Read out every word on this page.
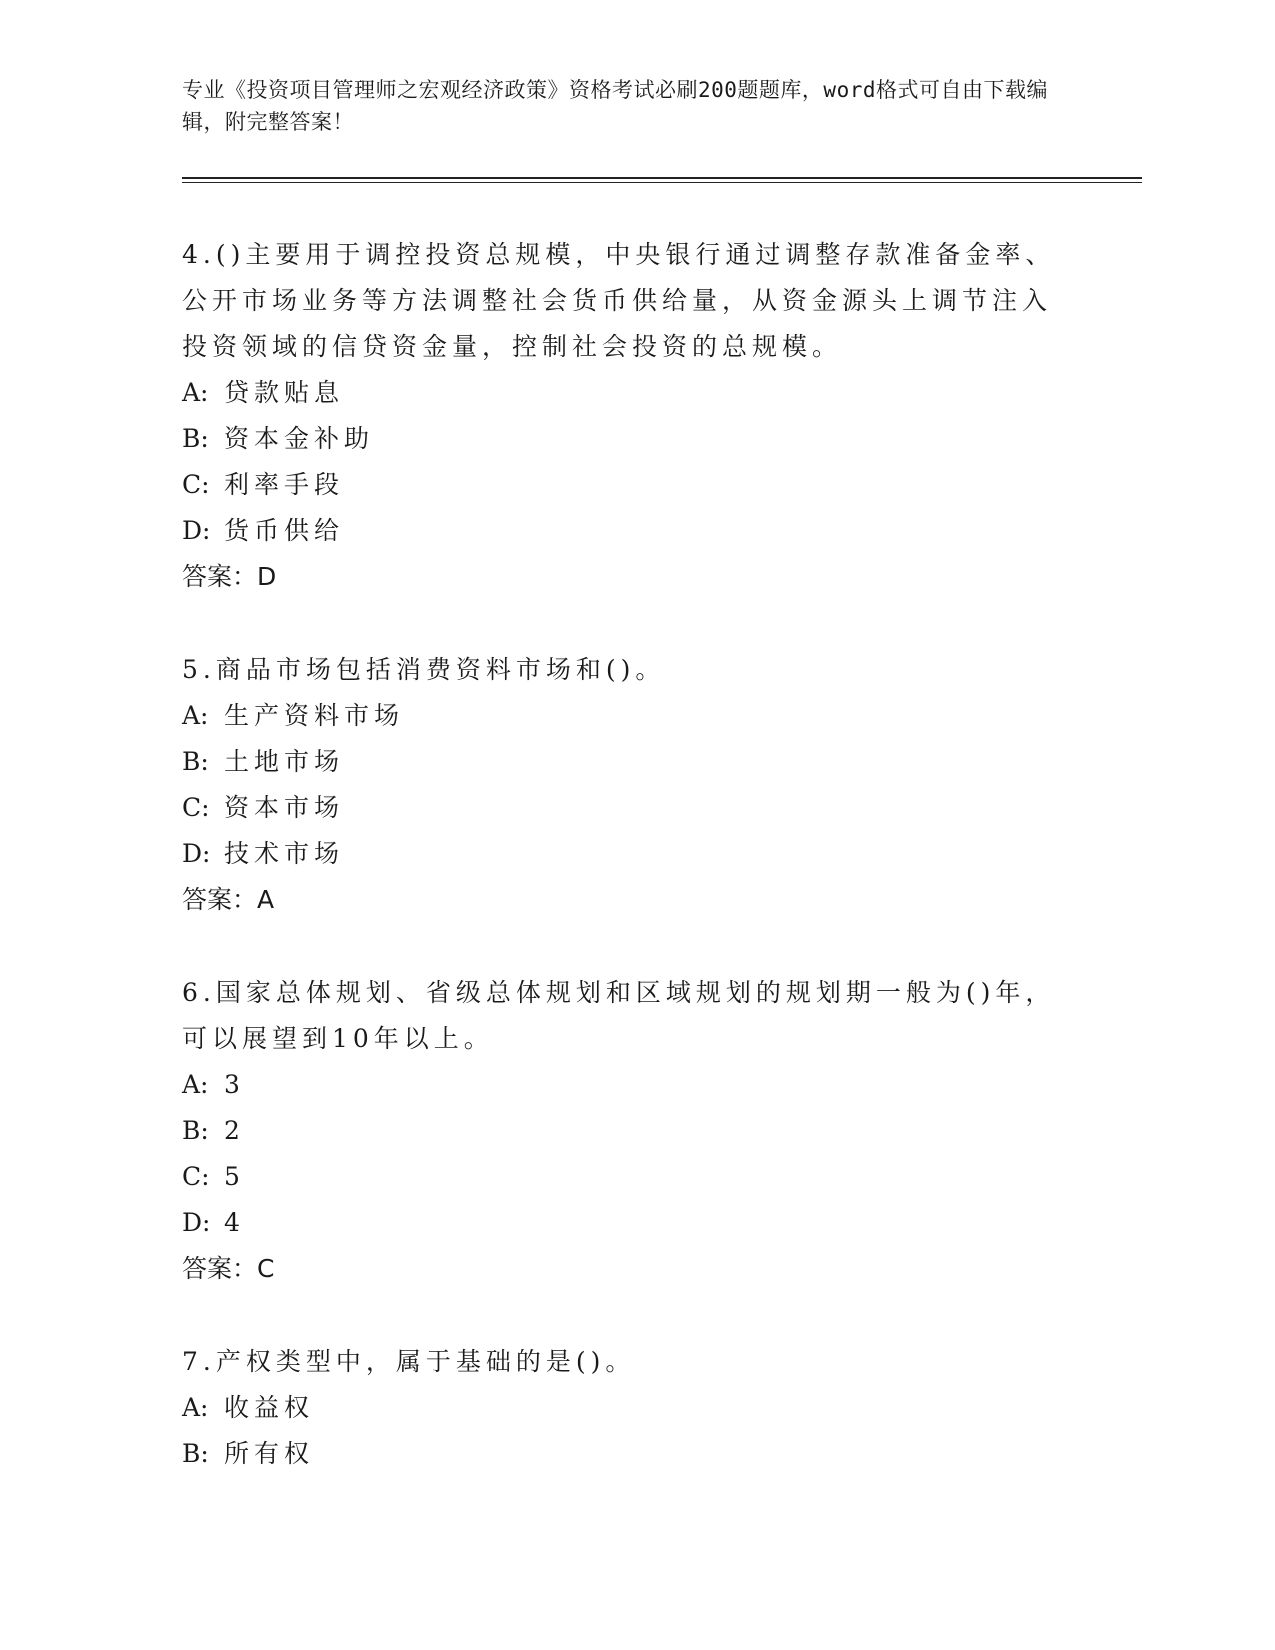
专业《投资项目管理师之宏观经济政策》资格考试必刷200题题库，word格式可自由下载编辑，附完整答案！
4.()主要用于调控投资总规模，中央银行通过调整存款准备金率、公开市场业务等方法调整社会货币供给量，从资金源头上调节注入投资领域的信贷资金量，控制社会投资的总规模。
A: 贷款贴息
B: 资本金补助
C: 利率手段
D: 货币供给
答案：D
5.商品市场包括消费资料市场和()。
A: 生产资料市场
B: 土地市场
C: 资本市场
D: 技术市场
答案：A
6.国家总体规划、省级总体规划和区域规划的规划期一般为()年，可以展望到10年以上。
A: 3
B: 2
C: 5
D: 4
答案：C
7.产权类型中，属于基础的是()。
A: 收益权
B: 所有权
